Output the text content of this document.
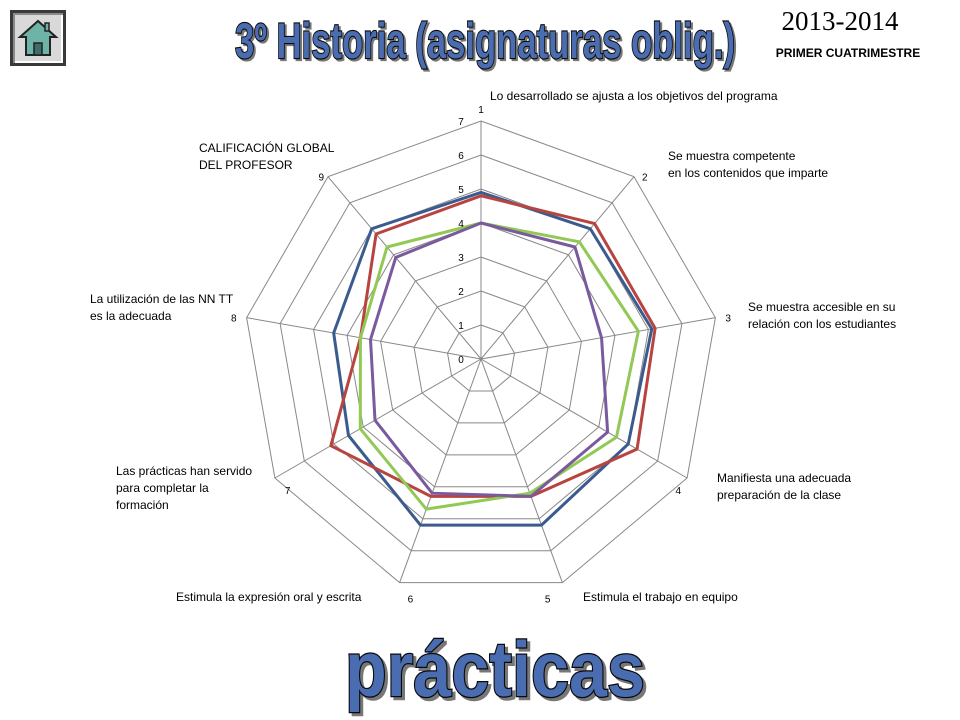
3º Historia (asignaturas oblig.)	2013-2014
PRIMER CUATRIMESTRE
0
1
2
3
4
5
6
7
1
2
3
4
5
6
7
8
9
Lo desarrollado se ajusta a los objetivos del programa
Se muestra competente
en los contenidos que imparte
Se muestra accesible en su
relación con los estudiantes
Manifiesta una adecuada
preparación de la clase
Estimula el trabajo en equipo
Estimula la expresión oral y escrita
Las prácticas han servido
para completar la
formación
La utilización de las NN TT
es la adecuada
CALIFICACIÓN GLOBAL
DEL PROFESOR
prácticas
